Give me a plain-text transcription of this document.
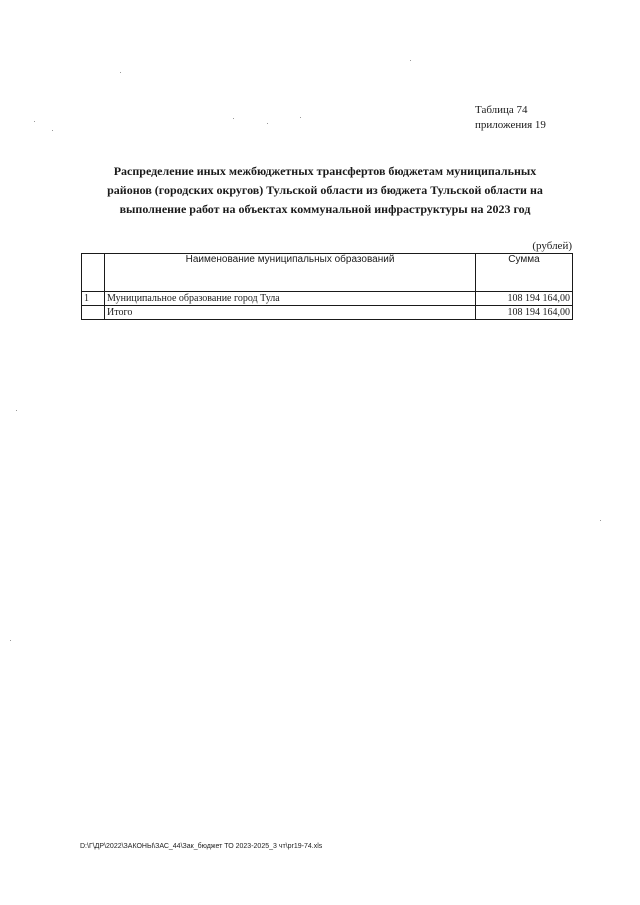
Таблица 74
приложения 19
Распределение иных межбюджетных трансфертов бюджетам муниципальных районов (городских округов) Тульской области из бюджета Тульской области на выполнение работ на объектах коммунальной инфраструктуры на 2023 год
(рублей)
	Наименование муниципальных образований	Сумма
1	Муниципальное образование город Тула	108 194 164,00
	Итого	108 194 164,00
D:\Г\ДР\2022\ЗАКОНЫ\ЗАС_44\Зак_бюджет ТО 2023-2025_3 чт\pr19-74.xls
